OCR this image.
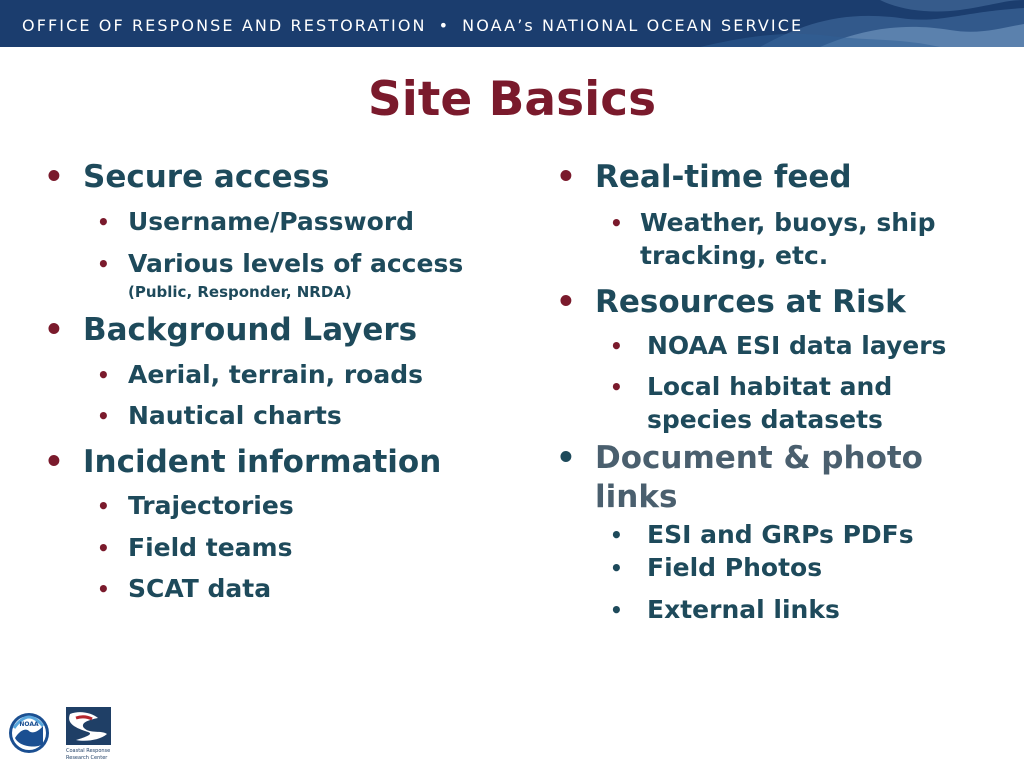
OFFICE OF RESPONSE AND RESTORATION • NOAA’s NATIONAL OCEAN SERVICE
Site Basics
• Secure access
• Username/Password
• Various levels of access
(Public, Responder, NRDA)
• Background Layers
• Aerial, terrain, roads
• Nautical charts
• Incident information
• Trajectories
• Field teams
• SCAT data
• Real-time feed
• Weather, buoys, ship
tracking, etc.
• Resources at Risk
• NOAA ESI data layers
• Local habitat and
species datasets
• Document & photo
links
• ESI and GRPs PDFs
• Field Photos
• External links
NOAA
Coastal Response
Research Center
